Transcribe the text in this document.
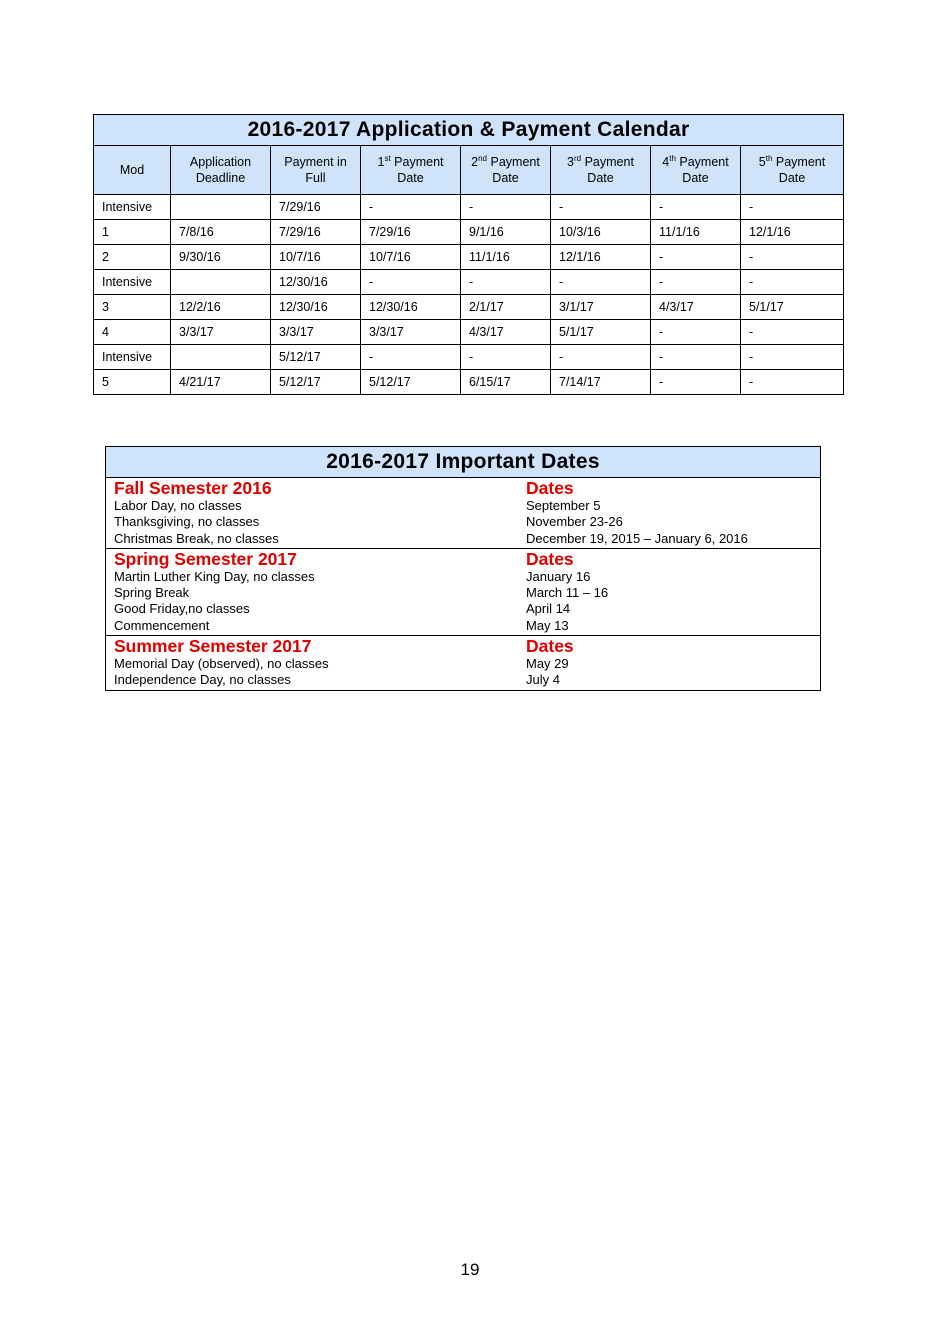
2016-2017 Application & Payment Calendar							
Mod	Application Deadline	Payment in Full	1st Payment Date	2nd Payment Date	3rd Payment Date	4th Payment Date	5th Payment Date
Intensive		7/29/16	-	-	-	-	-
1	7/8/16	7/29/16	7/29/16	9/1/16	10/3/16	11/1/16	12/1/16
2	9/30/16	10/7/16	10/7/16	11/1/16	12/1/16	-	-
Intensive		12/30/16	-	-	-	-	-
3	12/2/16	12/30/16	12/30/16	2/1/17	3/1/17	4/3/17	5/1/17
4	3/3/17	3/3/17	3/3/17	4/3/17	5/1/17	-	-
Intensive		5/12/17	-	-	-	-	-
5	4/21/17	5/12/17	5/12/17	6/15/17	7/14/17	-	-
2016-2017 Important Dates
Fall Semester 2016	Dates
Labor Day, no classes	September 5
Thanksgiving, no classes	November 23-26
Christmas Break, no classes	December 19, 2015 – January 6, 2016
Spring Semester 2017	Dates
Martin Luther King Day, no classes	January 16
Spring Break	March 11 – 16
Good Friday,no classes	April 14
Commencement	May 13
Summer Semester 2017	Dates
Memorial Day (observed), no classes	May 29
Independence Day, no classes	July 4
19
